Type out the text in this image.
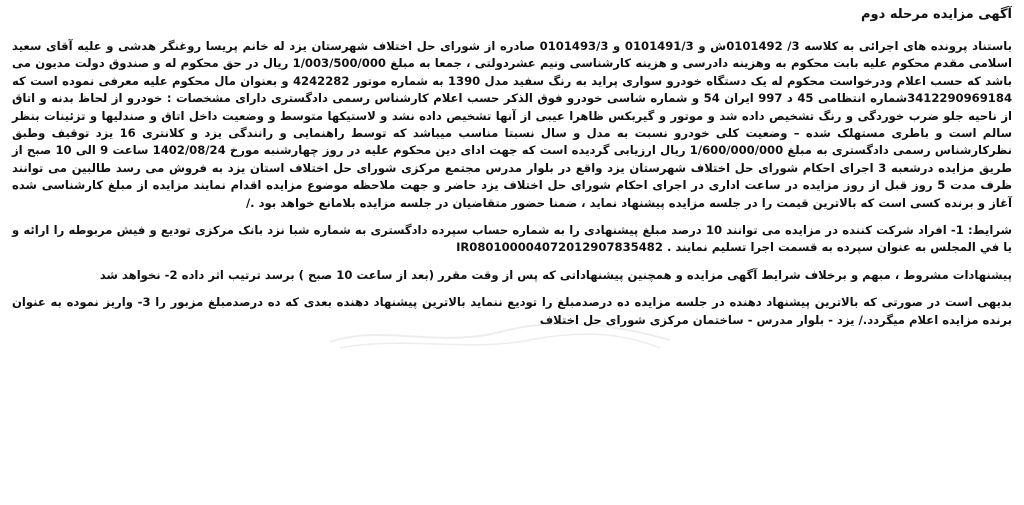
آگهی مزایده مرحله دوم

باستناد پرونده های اجرائی به کلاسه 3/ 0101492ش و 0101491/3 و 0101493/3 صادره از شورای حل اختلاف شهرستان یزد له خانم پریسا روغنگر هدشی و علیه آقای سعید اسلامی مقدم محکوم علیه بابت محکوم به وهزینه دادرسی و هزینه کارشناسی ونیم عشردولتی ، جمعا به مبلغ 1/003/500/000 ریال در حق محکوم له و صندوق دولت مدیون می باشد که حسب اعلام ودرخواست محکوم له یک دستگاه خودرو سواری پراید به رنگ سفید مدل 1390 به شماره موتور 4242282 و بعنوان مال محکوم علیه معرفی نموده است که 3412290969184شماره انتظامی 45 د 997 ایران 54 و شماره شاسی خودرو فوق الذکر حسب اعلام کارشناس رسمی دادگستری دارای مشخصات : خودرو از لحاظ بدنه و اتاق از ناحیه جلو ضرب خوردگی و رنگ تشخیص داده شد و موتور و گیربکس ظاهرا عیبی از آنها تشخیص داده نشد و لاستیکها متوسط و وضعیت داخل اتاق و صندلیها و تزئینات بنظر سالم است و باطری مستهلک شده – وضعیت کلی خودرو نسبت به مدل و سال نسبتا مناسب میباشد که توسط راهنمایی و رانندگی یزد و کلانتری 16 یزد توقیف وطبق نظرکارشناس رسمی دادگستری به مبلغ 1/600/000/000 ریال ارزیابی گردیده است که جهت ادای دین محکوم علیه در روز چهارشنبه مورخ 1402/08/24 ساعت 9 الی 10 صبح از طریق مزایده درشعبه 3 اجرای احکام شورای حل اختلاف شهرستان یزد واقع در بلوار مدرس مجتمع مرکزی شورای حل اختلاف استان یزد به فروش می رسد طالبین می توانند ظرف مدت 5 روز قبل از روز مزایده در ساعت اداری در اجرای احکام شورای حل اختلاف یزد حاضر و جهت ملاحظه موضوع مزایده اقدام نمایند مزایده از مبلغ کارشناسی شده آغاز و برنده کسی است که بالاترین قیمت را در جلسه مزایده پیشنهاد نماید ، ضمنا حضور متقاضیان در جلسه مزایده بلامانع خواهد بود ./

شرایط: 1- افراد شرکت کننده در مزایده می توانند 10 درصد مبلغ پیشنهادی را به شماره حساب سپرده دادگستری به شماره شبا نزد بانک مرکزی توديع و فيش مربوطه را ارائه و يا في المجلس به عنوان سپرده به قسمت اجرا تسليم نمايند . IR080100004072012907835482

پیشنهادات مشروط ، مبهم و برخلاف شرایط آگهی مزایده و همچنین پیشنهاداتی که پس از وقت مقرر (بعد از ساعت 10 صبح ) برسد ترتیب اثر داده 2- نخواهد شد

بدیهی است در صورتی که بالاترین پیشنهاد دهنده در جلسه مزایده ده درصدمبلغ را تودیع ننماید بالاترین پیشنهاد دهنده بعدی که ده درصدمبلغ مزبور را 3- واریز نموده به عنوان برنده مزایده اعلام میگردد./ یزد - بلوار مدرس - ساختمان مرکزی شورای حل اختلاف
